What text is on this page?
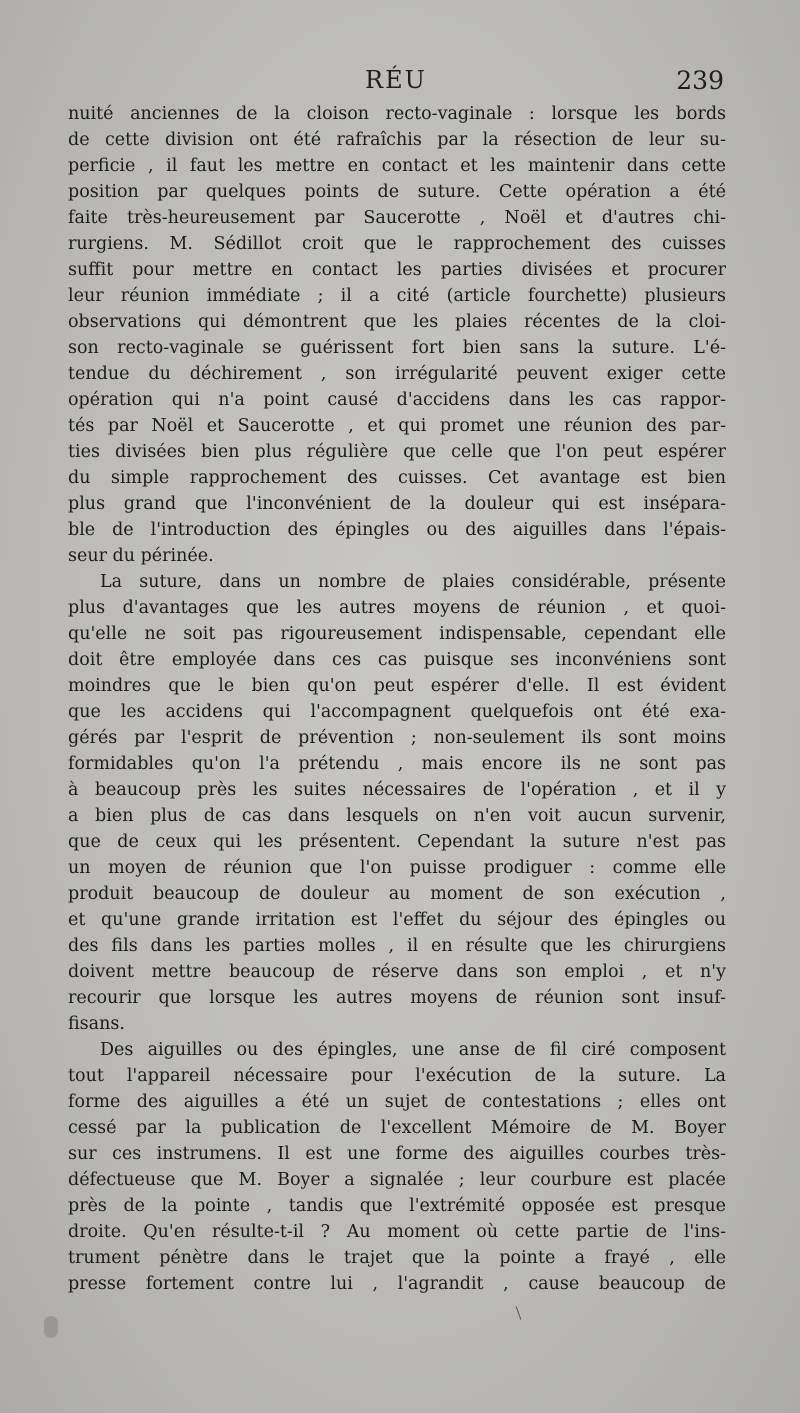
RÉU	239
nuité anciennes de la cloison recto-vaginale : lorsque les bords
de cette division ont été rafraîchis par la résection de leur su-
perficie , il faut les mettre en contact et les maintenir dans cette
position par quelques points de suture. Cette opération a été
faite très-heureusement par Saucerotte , Noël et d'autres chi-
rurgiens. M. Sédillot croit que le rapprochement des cuisses
suffit pour mettre en contact les parties divisées et procurer
leur réunion immédiate ; il a cité (article fourchette) plusieurs
observations qui démontrent que les plaies récentes de la cloi-
son recto-vaginale se guérissent fort bien sans la suture. L'é-
tendue du déchirement , son irrégularité peuvent exiger cette
opération qui n'a point causé d'accidens dans les cas rappor-
tés par Noël et Saucerotte , et qui promet une réunion des par-
ties divisées bien plus régulière que celle que l'on peut espérer
du simple rapprochement des cuisses. Cet avantage est bien
plus grand que l'inconvénient de la douleur qui est insépara-
ble de l'introduction des épingles ou des aiguilles dans l'épais-
seur du périnée.
La suture, dans un nombre de plaies considérable, présente
plus d'avantages que les autres moyens de réunion , et quoi-
qu'elle ne soit pas rigoureusement indispensable, cependant elle
doit être employée dans ces cas puisque ses inconvéniens sont
moindres que le bien qu'on peut espérer d'elle. Il est évident
que les accidens qui l'accompagnent quelquefois ont été exa-
gérés par l'esprit de prévention ; non-seulement ils sont moins
formidables qu'on l'a prétendu , mais encore ils ne sont pas
à beaucoup près les suites nécessaires de l'opération , et il y
a bien plus de cas dans lesquels on n'en voit aucun survenir,
que de ceux qui les présentent. Cependant la suture n'est pas
un moyen de réunion que l'on puisse prodiguer : comme elle
produit beaucoup de douleur au moment de son exécution ,
et qu'une grande irritation est l'effet du séjour des épingles ou
des fils dans les parties molles , il en résulte que les chirurgiens
doivent mettre beaucoup de réserve dans son emploi , et n'y
recourir que lorsque les autres moyens de réunion sont insuf-
fisans.
Des aiguilles ou des épingles, une anse de fil ciré composent
tout l'appareil nécessaire pour l'exécution de la suture. La
forme des aiguilles a été un sujet de contestations ; elles ont
cessé par la publication de l'excellent Mémoire de M. Boyer
sur ces instrumens. Il est une forme des aiguilles courbes très-
défectueuse que M. Boyer a signalée ; leur courbure est placée
près de la pointe , tandis que l'extrémité opposée est presque
droite. Qu'en résulte-t-il ? Au moment où cette partie de l'ins-
trument pénètre dans le trajet que la pointe a frayé , elle
presse fortement contre lui , l'agrandit , cause beaucoup de
